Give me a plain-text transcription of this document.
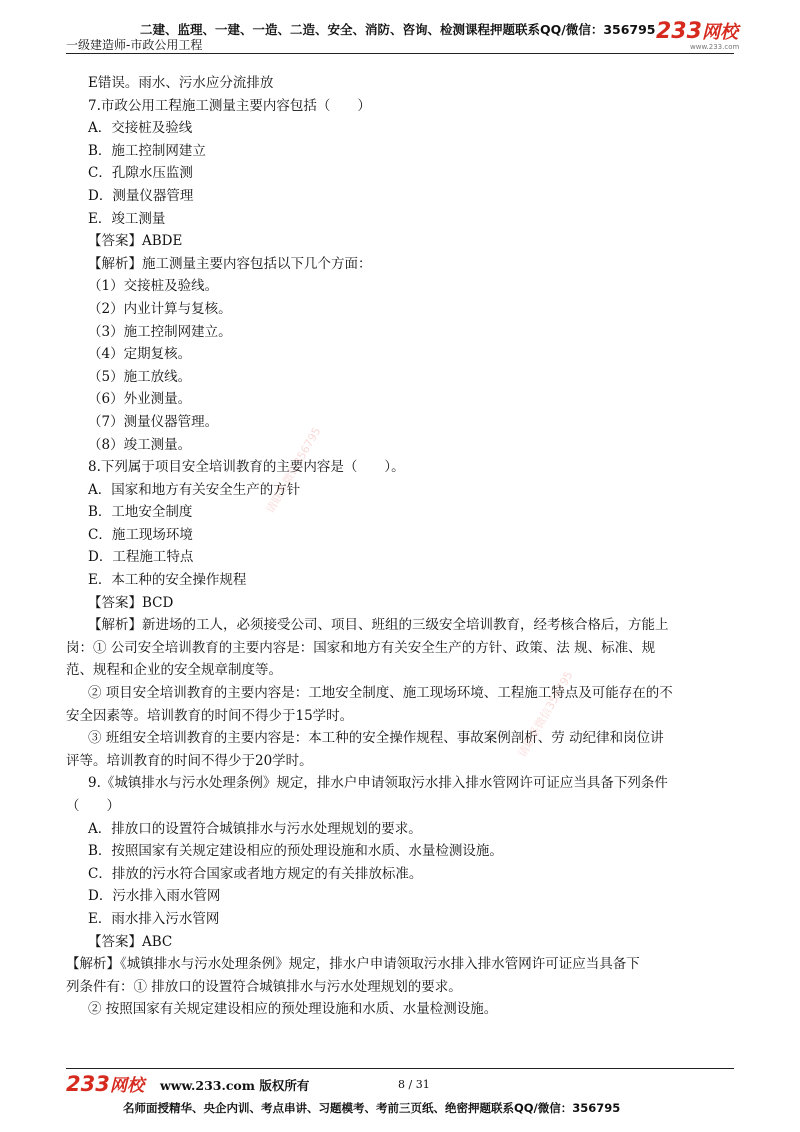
二建、监理、一建、一造、二造、安全、消防、咨询、检测课程押题联系QQ/微信：356795 233网校
www.233.com
一级建造师-市政公用工程
E错误。雨水、污水应分流排放
7.市政公用工程施工测量主要内容包括（　　）
A．交接桩及验线
B．施工控制网建立
C．孔隙水压监测
D．测量仪器管理
E．竣工测量
【答案】ABDE
【解析】施工测量主要内容包括以下几个方面：
（1）交接桩及验线。
（2）内业计算与复核。
（3）施工控制网建立。
（4）定期复核。
（5）施工放线。
（6）外业测量。
（7）测量仪器管理。
（8）竣工测量。
8.下列属于项目安全培训教育的主要内容是（　　）。
A．国家和地方有关安全生产的方针
B．工地安全制度
C．施工现场环境
D．工程施工特点
E．本工种的安全操作规程
【答案】BCD
【解析】新进场的工人，必须接受公司、项目、班组的三级安全培训教育，经考核合格后，方能上
岗：① 公司安全培训教育的主要内容是：国家和地方有关安全生产的方针、政策、法 规、标准、规
范、规程和企业的安全规章制度等。
② 项目安全培训教育的主要内容是：工地安全制度、施工现场环境、工程施工特点及可能存在的不
安全因素等。培训教育的时间不得少于15学时。
③ 班组安全培训教育的主要内容是：本工种的安全操作规程、事故案例剖析、劳 动纪律和岗位讲
评等。培训教育的时间不得少于20学时。
9.《城镇排水与污水处理条例》规定，排水户申请领取污水排入排水管网许可证应当具备下列条件
（　　）
A．排放口的设置符合城镇排水与污水处理规划的要求。
B．按照国家有关规定建设相应的预处理设施和水质、水量检测设施。
C．排放的污水符合国家或者地方规定的有关排放标准。
D．污水排入雨水管网
E．雨水排入污水管网
【答案】ABC
【解析】《城镇排水与污水处理条例》规定，排水户申请领取污水排入排水管网许可证应当具备下
列条件有：① 排放口的设置符合城镇排水与污水处理规划的要求。
② 按照国家有关规定建设相应的预处理设施和水质、水量检测设施。
请联系微信356795
请联系微信356795
233网校 www.233.com 版权所有	8 / 31
名师面授精华、央企内训、考点串讲、习题模考、考前三页纸、绝密押题联系QQ/微信：356795
